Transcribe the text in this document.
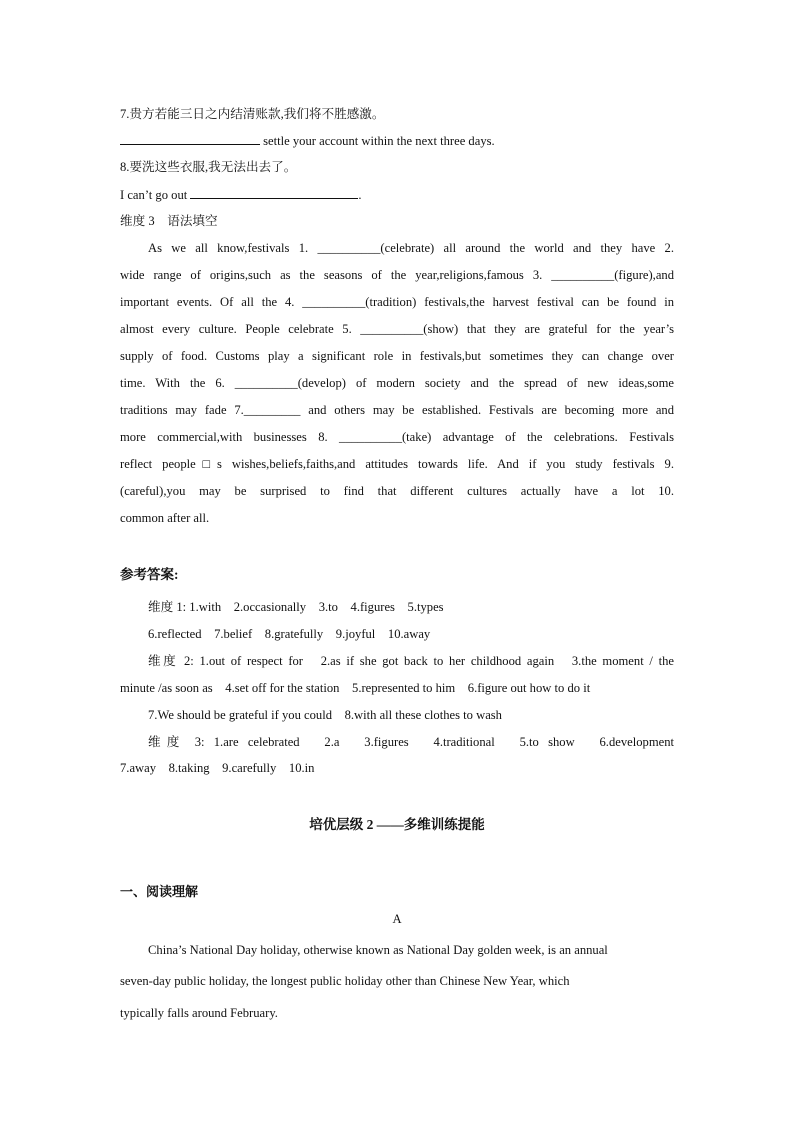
7.贵方若能三日之内结清账款,我们将不胜感激。
settle your account within the next three days.
8.要洗这些衣服,我无法出去了。
I can’t go out	.
维度 3　语法填空
As we all know,festivals 1. __________(celebrate) all around the world and they have 2.
wide range of origins,such as the seasons of the year,religions,famous 3. __________(figure),and
important events. Of all the 4. __________(tradition) festivals,the harvest festival can be found in
almost every culture. People celebrate 5. __________(show) that they are grateful for the year’s
supply of food. Customs play a significant role in festivals,but sometimes they can change over
time. With the 6. __________(develop) of modern society and the spread of new ideas,some
traditions may fade 7._________ and others may be established. Festivals are becoming more and
more commercial,with businesses 8. __________(take) advantage of the celebrations. Festivals
reflect people□s wishes,beliefs,faiths,and attitudes towards life. And if you study festivals 9.
(careful),you may be surprised to find that different cultures actually have a lot 10.
common after all.
参考答案:
维度 1: 1.with　2.occasionally　3.to　4.figures　5.types
6.reflected　7.belief　8.gratefully　9.joyful　10.away
维度 2: 1.out of respect for　2.as if she got back to her childhood again　3.the moment / the
minute /as soon as　4.set off for the station　5.represented to him　6.figure out how to do it
7.We should be grateful if you could　8.with all these clothes to wash
维度 3: 1.are celebrated　2.a　3.figures　4.traditional　5.to show　6.development
7.away　8.taking　9.carefully　10.in
培优层级 2 ——多维训练提能
一、阅读理解
A
China’s National Day holiday, otherwise known as National Day golden week, is an annual
seven-day public holiday, the longest public holiday other than Chinese New Year, which
typically falls around February.
